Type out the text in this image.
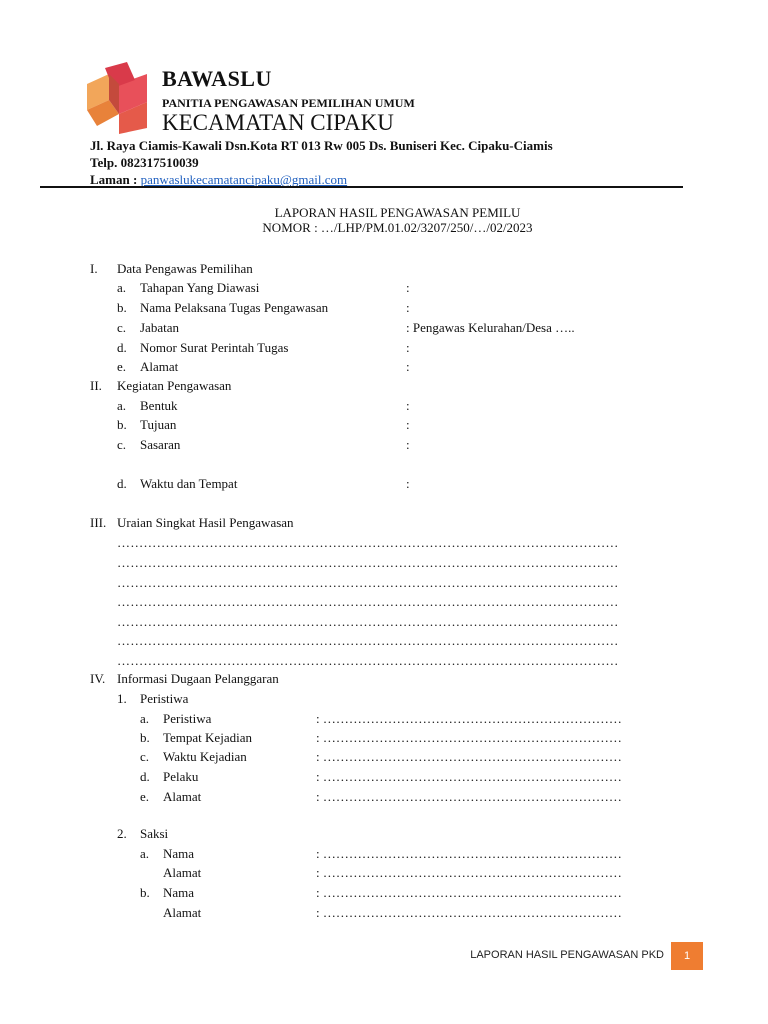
BAWASLU
PANITIA PENGAWASAN PEMILIHAN UMUM
KECAMATAN CIPAKU
Jl. Raya Ciamis-Kawali Dsn.Kota RT 013 Rw 005 Ds. Buniseri Kec. Cipaku-Ciamis
Telp. 082317510039
Laman : panwaslukecamatancipaku@gmail.com
LAPORAN HASIL PENGAWASAN PEMILU
NOMOR : …/LHP/PM.01.02/3207/250/…/02/2023
I. Data Pengawas Pemilihan
a. Tahapan Yang Diawasi	:
b. Nama Pelaksana Tugas Pengawasan	:
c. Jabatan	: Pengawas Kelurahan/Desa …..
d. Nomor Surat Perintah Tugas	:
e. Alamat	:
II. Kegiatan Pengawasan
a. Bentuk	:
b. Tujuan	:
c. Sasaran	:
d. Waktu dan Tempat	:
III. Uraian Singkat Hasil Pengawasan
……………………………………………………………………………………………………
……………………………………………………………………………………………………
……………………………………………………………………………………………………
……………………………………………………………………………………………………
……………………………………………………………………………………………………
……………………………………………………………………………………………………
……………………………………………………………………………………………………
IV. Informasi Dugaan Pelanggaran
1. Peristiwa
a. Peristiwa	: ……………………………………………………………
b. Tempat Kejadian	: ……………………………………………………………
c. Waktu Kejadian	: ……………………………………………………………
d. Pelaku	: ……………………………………………………………
e. Alamat	: ……………………………………………………………
2. Saksi
a. Nama	: ……………………………………………………………
Alamat	: ……………………………………………………………
b. Nama	: ……………………………………………………………
Alamat	: ……………………………………………………………
LAPORAN HASIL PENGAWASAN PKD 1
